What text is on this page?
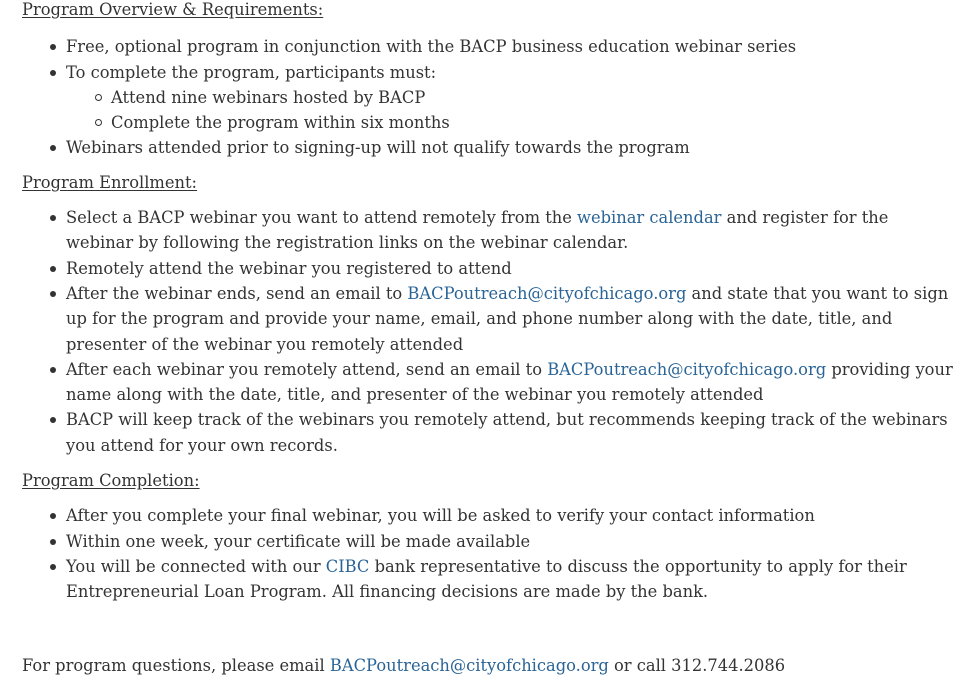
Program Overview & Requirements:

Free, optional program in conjunction with the BACP business education webinar series
To complete the program, participants must:
Attend nine webinars hosted by BACP
Complete the program within six months
Webinars attended prior to signing-up will not qualify towards the program

Program Enrollment:

Select a BACP webinar you want to attend remotely from the webinar calendar and register for the webinar by following the registration links on the webinar calendar.
Remotely attend the webinar you registered to attend
After the webinar ends, send an email to BACPoutreach@cityofchicago.org and state that you want to sign up for the program and provide your name, email, and phone number along with the date, title, and presenter of the webinar you remotely attended
After each webinar you remotely attend, send an email to BACPoutreach@cityofchicago.org providing your name along with the date, title, and presenter of the webinar you remotely attended
BACP will keep track of the webinars you remotely attend, but recommends keeping track of the webinars you attend for your own records.

Program Completion:

After you complete your final webinar, you will be asked to verify your contact information
Within one week, your certificate will be made available
You will be connected with our CIBC bank representative to discuss the opportunity to apply for their Entrepreneurial Loan Program. All financing decisions are made by the bank.

For program questions, please email BACPoutreach@cityofchicago.org or call 312.744.2086
